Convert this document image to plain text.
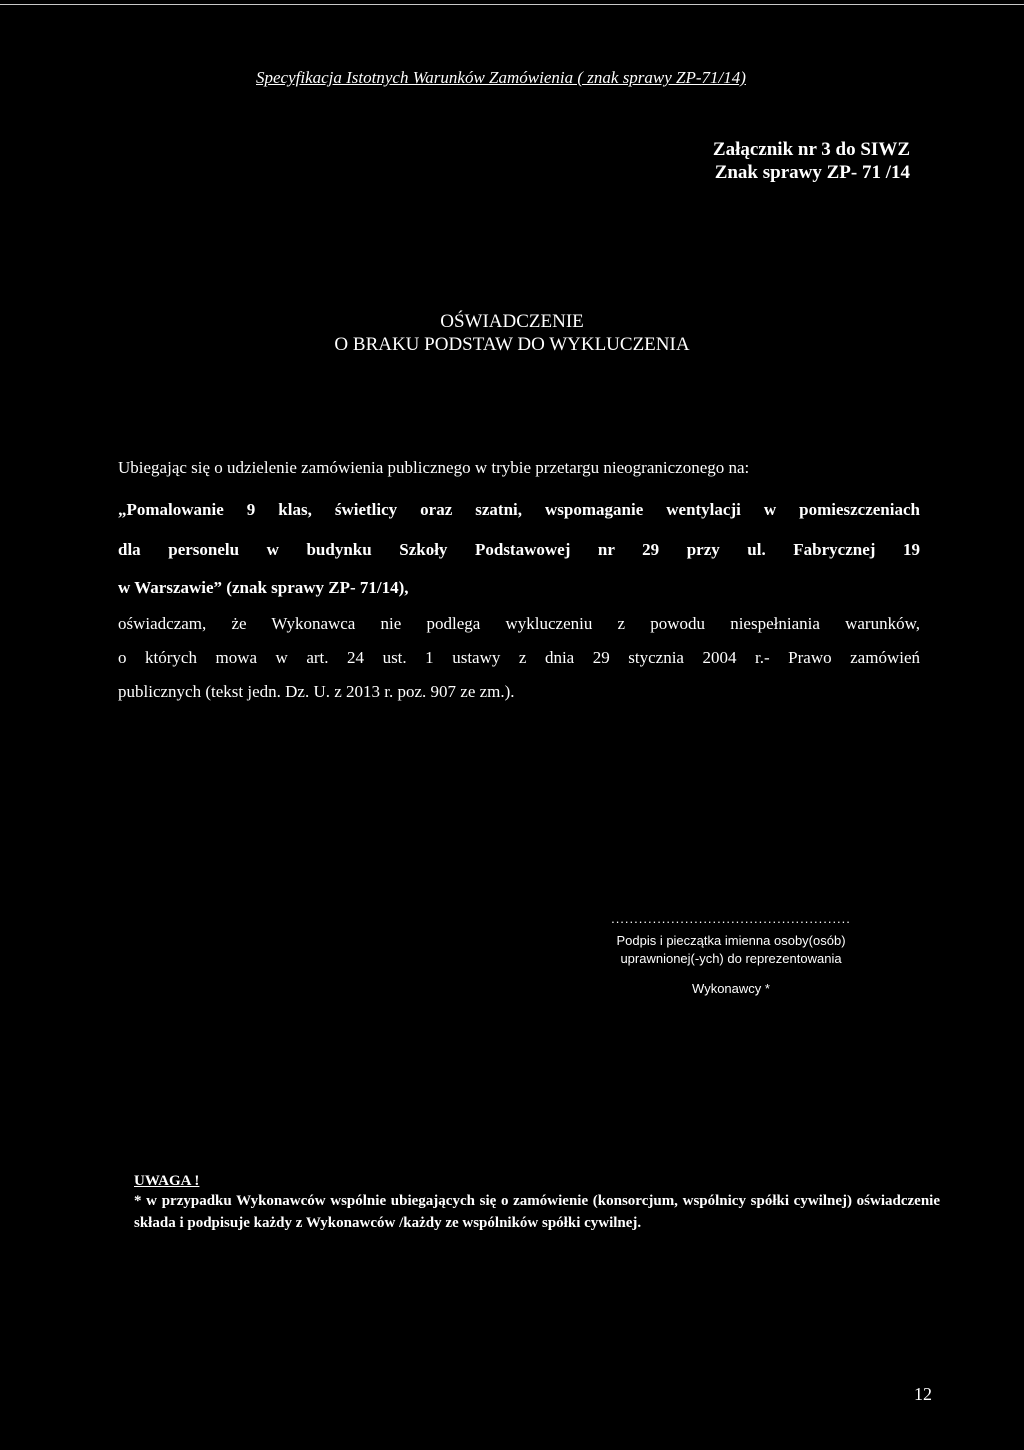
Specyfikacja Istotnych Warunków Zamówienia ( znak sprawy ZP-71/14)
Załącznik nr 3 do SIWZ
Znak sprawy ZP- 71 /14
OŚWIADCZENIE
O BRAKU PODSTAW DO WYKLUCZENIA
Ubiegając się o udzielenie zamówienia publicznego w trybie przetargu nieograniczonego na:
„Pomalowanie 9 klas, świetlicy oraz szatni, wspomaganie wentylacji w pomieszczeniach
dla personelu w budynku Szkoły Podstawowej nr 29 przy ul. Fabrycznej 19
w Warszawie” (znak sprawy ZP- 71/14),
oświadczam, że Wykonawca nie podlega wykluczeniu z powodu niespełniania warunków,
o których mowa w art. 24 ust. 1 ustawy z dnia 29 stycznia 2004 r.- Prawo zamówień
publicznych (tekst jedn. Dz. U. z 2013 r. poz. 907 ze zm.).
....................................................
Podpis i pieczątka imienna osoby(osób)
uprawnionej(-ych) do reprezentowania
Wykonawcy *
UWAGA !
* w przypadku Wykonawców wspólnie ubiegających się o zamówienie (konsorcjum, wspólnicy spółki cywilnej) oświadczenie składa i podpisuje każdy z Wykonawców /każdy ze wspólników spółki cywilnej.
12
